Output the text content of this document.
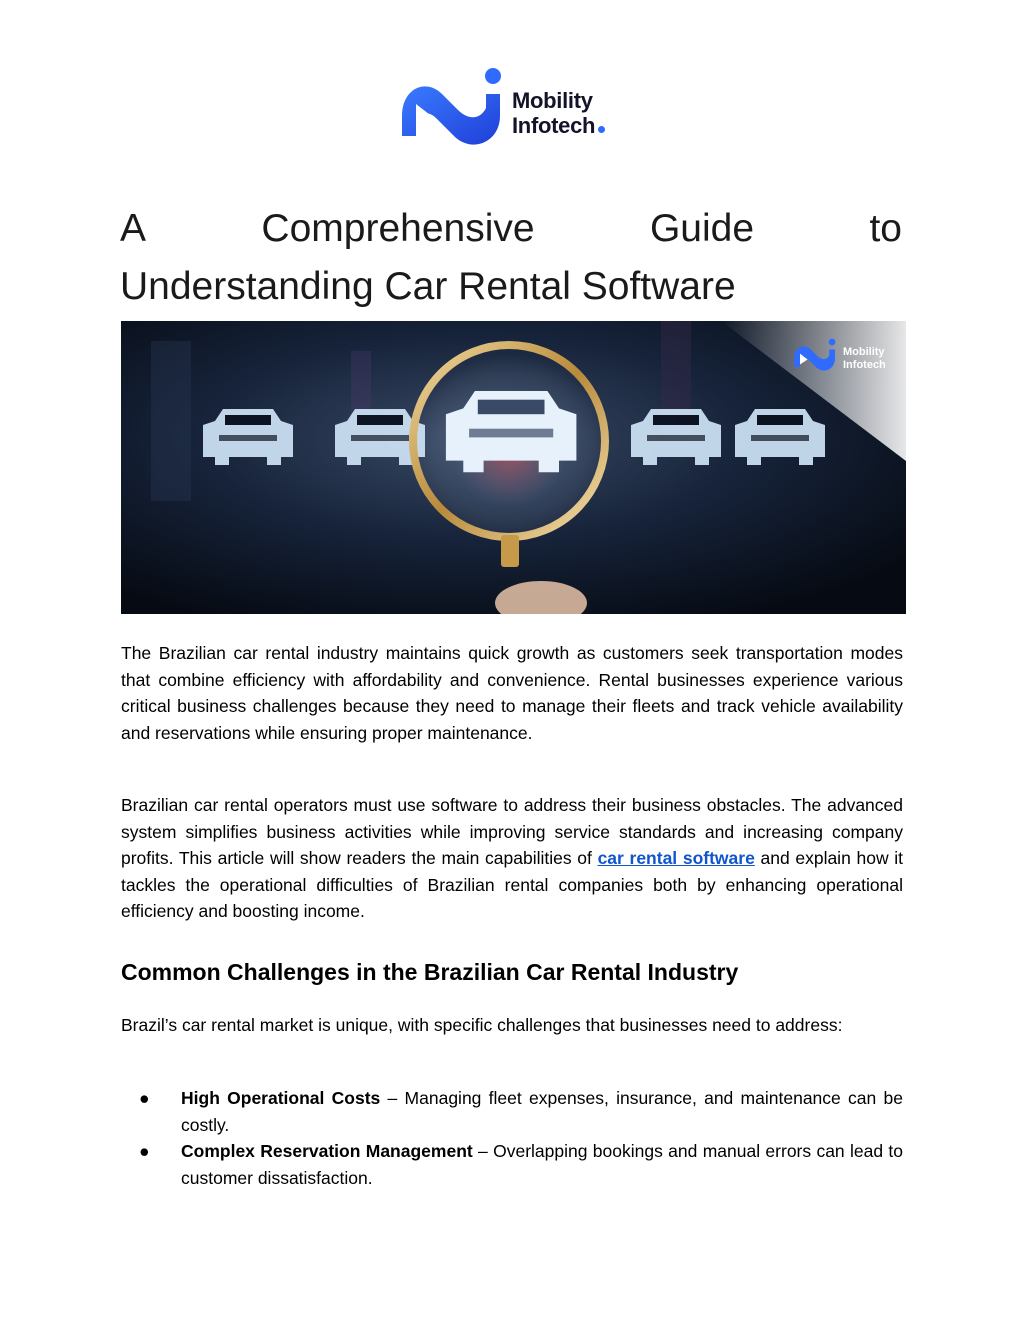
Mobility
Infotech
A	Comprehensive	Guide	to
Understanding Car Rental Software
Mobility
Infotech

The Brazilian car rental industry maintains quick growth as customers seek transportation modes that combine efficiency with affordability and convenience. Rental businesses experience various critical business challenges because they need to manage their fleets and track vehicle availability and reservations while ensuring proper maintenance.

Brazilian car rental operators must use software to address their business obstacles. The advanced system simplifies business activities while improving service standards and increasing company profits. This article will show readers the main capabilities of car rental software and explain how it tackles the operational difficulties of Brazilian rental companies both by enhancing operational efficiency and boosting income.

Common Challenges in the Brazilian Car Rental Industry

Brazil’s car rental market is unique, with specific challenges that businesses need to address:

● High Operational Costs – Managing fleet expenses, insurance, and maintenance can be costly.
● Complex Reservation Management – Overlapping bookings and manual errors can lead to customer dissatisfaction.
